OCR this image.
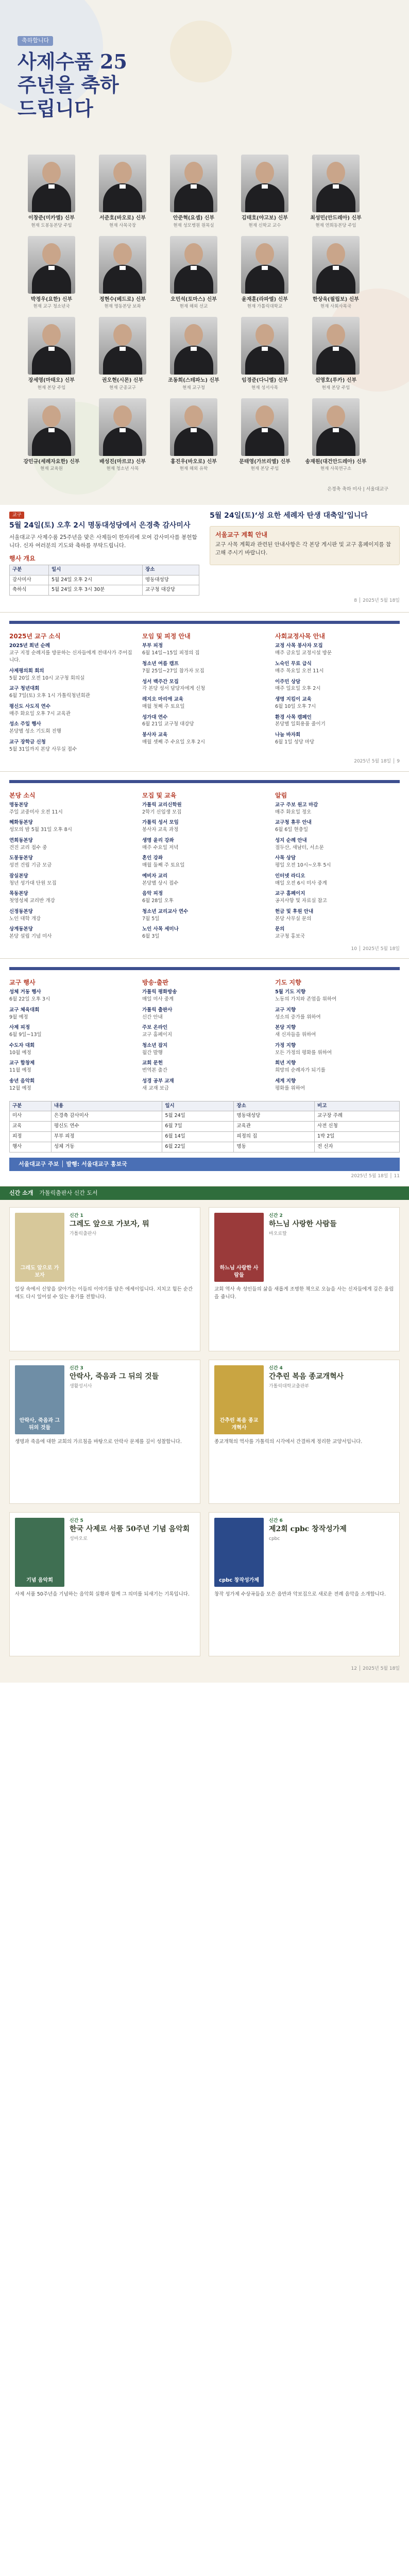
축하합니다
사제수품 25주년을 축하드립니다
이창준(미카엘) 신부
현재 도봉동본당 주임
서준호(바오로) 신부
현재 사목국장
안준혁(요셉) 신부
현재 성모병원 원목실
김태호(야고보) 신부
현재 신학교 교수
최성민(안드레아) 신부
현재 연희동본당 주임
박정우(요한) 신부
현재 교구 청소년국
정현수(베드로) 신부
현재 명동본당 보좌
오민석(토마스) 신부
현재 해외 선교
윤재훈(라파엘) 신부
현재 가톨릭대학교
한상욱(필립보) 신부
현재 사회사목국
장세영(마태오) 신부
현재 본당 주임
권오현(시몬) 신부
현재 군종교구
조동희(스테파노) 신부
현재 교구청
임경준(다니엘) 신부
현재 성서사목
신영호(루카) 신부
현재 본당 주임
강민규(세례자요한) 신부
현재 교육원
배성진(마르코) 신부
현재 청소년 사목
홍진우(바오로) 신부
현재 해외 유학
문태영(가브리엘) 신부
현재 본당 주임
송재원(대건안드레아) 신부
현재 사목연구소
은경축 축하 미사 | 서울대교구
교구
5월 24일(토) 오후 2시 명동대성당에서 은경축 감사미사

서울대교구 사제수품 25주년을 맞은 사제들이 한자리에 모여 감사미사를 봉헌합니다. 신자 여러분의 기도와 축하를 부탁드립니다.

행사 개요
구분	일시	장소
감사미사	5월 24일 오후 2시	명동대성당
축하식	5월 24일 오후 3시 30분	교구청 대강당
5월 24일(토)‘성 요한 세례자 탄생 대축일’입니다
서울교구 계획 안내

교구 사목 계획과 관련된 안내사항은 각 본당 게시판 및 교구 홈페이지를 참고해 주시기 바랍니다.

8 │ 2025년 5월 18일
2025년 교구 소식
2025년 희년 순례
교구 지정 순례지를 방문하는 신자들에게 전대사가 주어집니다.
사제평의회 회의
5월 20일 오전 10시 교구청 회의실
교구 청년대회
6월 7일(토) 오후 1시 가톨릭청년회관
평신도 사도직 연수
매주 화요일 오후 7시 교육관
성소 주일 행사
본당별 성소 기도회 진행
교구 장학금 신청
5월 31일까지 본당 사무실 접수
모임 및 피정 안내
부부 피정
6월 14일~15일 피정의 집
청소년 여름 캠프
7월 25일~27일 참가자 모집
성서 백주간 모집
각 본당 성서 담당자에게 신청
레지오 마리애 교육
매월 첫째 주 토요일
성가대 연수
6월 21일 교구청 대강당
봉사자 교육
매월 셋째 주 수요일 오후 2시
사회교정사목 안내
교정 사목 봉사자 모집
매주 금요일 교정시설 방문
노숙인 무료 급식
매주 목요일 오전 11시
이주민 상담
매주 일요일 오후 2시
생명 지킴이 교육
6월 10일 오후 7시
환경 사목 캠페인
본당별 일회용품 줄이기
나눔 바자회
6월 1일 성당 마당
2025년 5월 18일 │ 9
본당 소식
명동본당
주일 교중미사 오전 11시
혜화동본당
성모의 밤 5월 31일 오후 8시
연희동본당
견진 교리 접수 중
도봉동본당
성전 건립 기금 모금
잠실본당
청년 성가대 단원 모집
목동본당
첫영성체 교리반 개강
신정동본당
노인 대학 개강
상계동본당
본당 설립 기념 미사
모집 및 교육
가톨릭 교리신학원
2학기 신입생 모집
가톨릭 성서 모임
봉사자 교육 과정
생명 윤리 강좌
매주 수요일 저녁
혼인 강좌
매월 둘째 주 토요일
예비자 교리
본당별 상시 접수
음악 피정
6월 28일 오후
청소년 교리교사 연수
7월 5일
노인 사목 세미나
6월 3일
알림
교구 주보 원고 마감
매주 화요일 정오
교구청 휴무 안내
6월 6일 현충일
성지 순례 안내
절두산, 새남터, 서소문
사목 상담
평일 오전 10시~오후 5시
인터넷 라디오
매일 오전 6시 미사 중계
교구 홈페이지
공지사항 및 자료실 참고
헌금 및 후원 안내
본당 사무실 문의
문의
교구청 홍보국
10 │ 2025년 5월 18일
교구 행사
성체 거동 행사
6월 22일 오후 3시
교구 체육대회
9월 예정
사제 피정
6월 9일~13일
수도자 대회
10월 예정
교구 합창제
11월 예정
송년 음악회
12월 예정
방송·출판
가톨릭 평화방송
매일 미사 중계
가톨릭 출판사
신간 안내
주보 온라인
교구 홈페이지
청소년 잡지
월간 발행
교회 문헌
번역본 출간
성경 공부 교재
새 교재 보급
기도 지향
5월 기도 지향
노동의 가치와 존엄을 위하여
교구 지향
성소의 증가를 위하여
본당 지향
새 신자들을 위하여
가정 지향
모든 가정의 평화를 위하여
희년 지향
희망의 순례자가 되기를
세계 지향
평화를 위하여
구분	내용	일시	장소	비고
미사	은경축 감사미사	5월 24일	명동대성당	교구장 주례
교육	평신도 연수	6월 7일	교육관	사전 신청
피정	부부 피정	6월 14일	피정의 집	1박 2일
행사	성체 거동	6월 22일	명동	전 신자
서울대교구 주보 │ 발행: 서울대교구 홍보국
2025년 5월 18일 │ 11
신간 소개 가톨릭출판사 신간 도서
그레도 앞으로 가보자
신간 1
그레도 앞으로 가보자, 뭐
가톨릭출판사
일상 속에서 신앙을 살아가는 이들의 이야기를 담은 에세이입니다. 지치고 힘든 순간에도 다시 일어설 수 있는 용기를 전합니다.
하느님 사랑한 사람들
신간 2
하느님 사랑한 사람들
바오로딸
교회 역사 속 성인들의 삶을 새롭게 조명한 책으로 오늘을 사는 신자들에게 깊은 울림을 줍니다.
안락사, 죽음과 그 뒤의 것들
신간 3
안락사, 죽음과 그 뒤의 것들
생활성서사
생명과 죽음에 대한 교회의 가르침을 바탕으로 안락사 문제를 깊이 성찰합니다.
간추린 복음 종교개혁사
신간 4
간추린 복음 종교개혁사
가톨릭대학교출판부
종교개혁의 역사를 가톨릭의 시각에서 간결하게 정리한 교양서입니다.
기념 음악회
신간 5
한국 사제로 서품 50주년 기념 음악회
성바오로
사제 서품 50주년을 기념하는 음악회 실황과 함께 그 의미를 되새기는 기록입니다.
cpbc 창작성가제
신간 6
제2회 cpbc 창작성가제
cpbc
창작 성가제 수상곡들을 모은 음반과 악보집으로 새로운 전례 음악을 소개합니다.
12 │ 2025년 5월 18일
